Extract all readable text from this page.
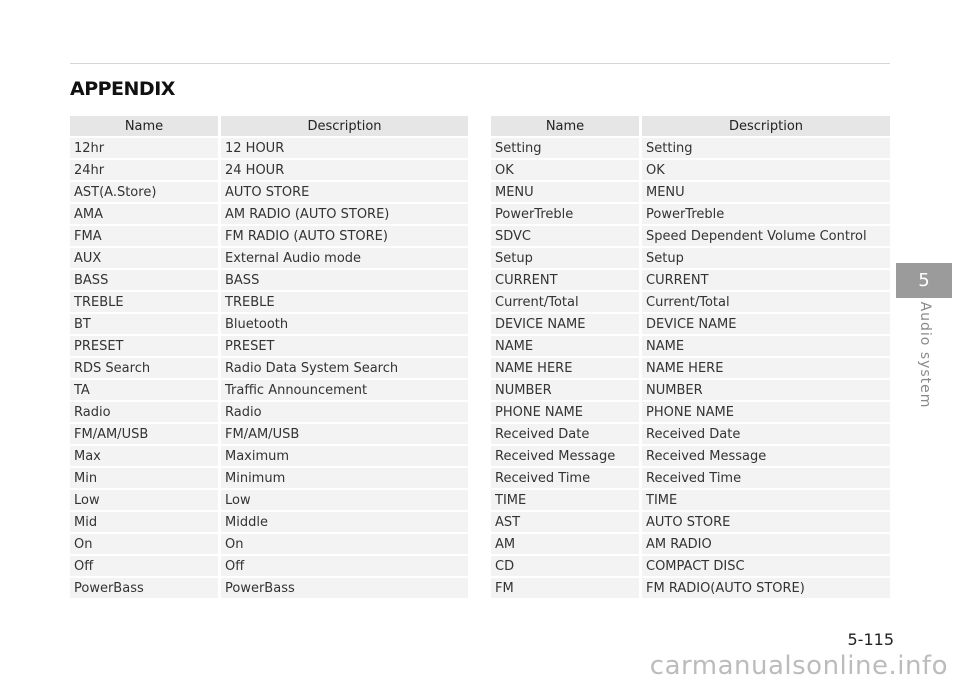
APPENDIX
Name	Description
12hr	12 HOUR
24hr	24 HOUR
AST(A.Store)	AUTO STORE
AMA	AM RADIO (AUTO STORE)
FMA	FM RADIO (AUTO STORE)
AUX	External Audio mode
BASS	BASS
TREBLE	TREBLE
BT	Bluetooth
PRESET	PRESET
RDS Search	Radio Data System Search
TA	Traffic Announcement
Radio	Radio
FM/AM/USB	FM/AM/USB
Max	Maximum
Min	Minimum
Low	Low
Mid	Middle
On	On
Off	Off
PowerBass	PowerBass
Name	Description
Setting	Setting
OK	OK
MENU	MENU
PowerTreble	PowerTreble
SDVC	Speed Dependent Volume Control
Setup	Setup
CURRENT	CURRENT
Current/Total	Current/Total
DEVICE NAME	DEVICE NAME
NAME	NAME
NAME HERE	NAME HERE
NUMBER	NUMBER
PHONE NAME	PHONE NAME
Received Date	Received Date
Received Message	Received Message
Received Time	Received Time
TIME	TIME
AST	AUTO STORE
AM	AM RADIO
CD	COMPACT DISC
FM	FM RADIO(AUTO STORE)
5
Audio system
5-115
carmanualsonline.info
